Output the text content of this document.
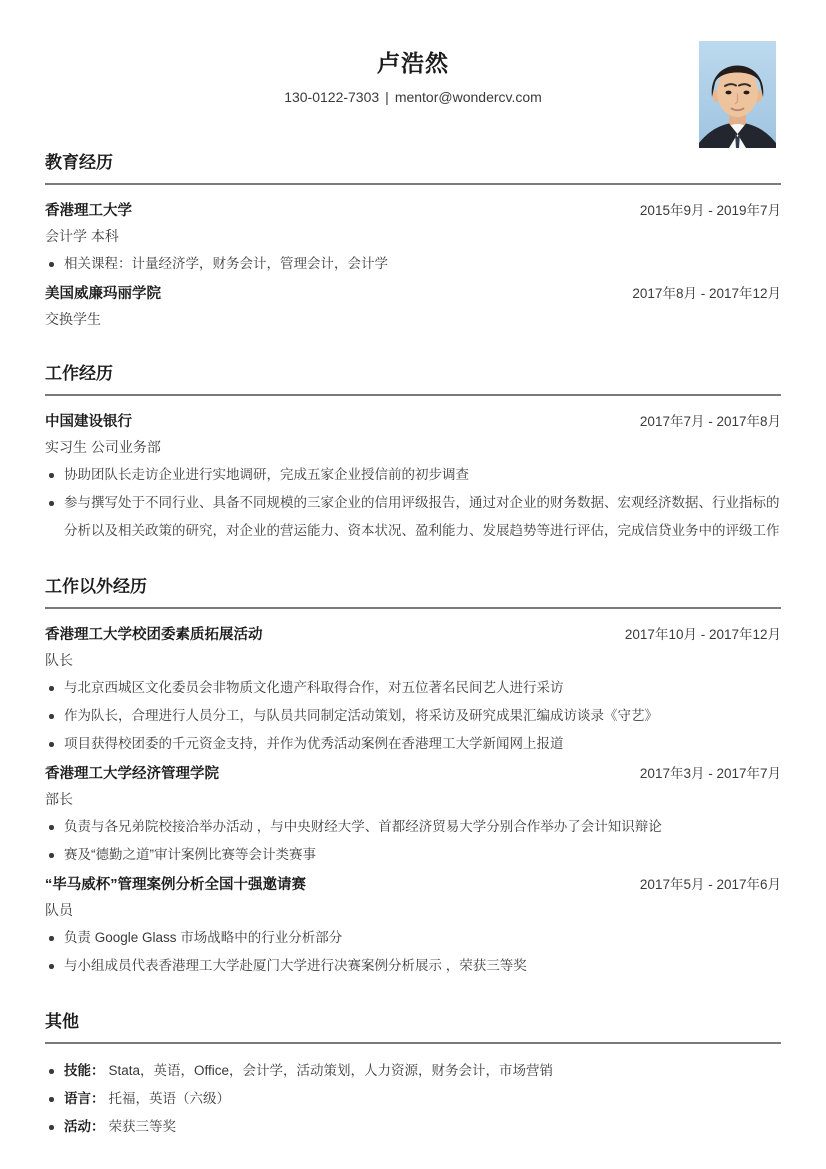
卢浩然
130-0122-7303 | mentor@wondercv.com
教育经历
香港理工大学	2015年9月 - 2019年7月
会计学 本科
相关课程：计量经济学，财务会计，管理会计，会计学
美国威廉玛丽学院	2017年8月 - 2017年12月
交换学生
工作经历
中国建设银行	2017年7月 - 2017年8月
实习生 公司业务部
协助团队长走访企业进行实地调研，完成五家企业授信前的初步调查
参与撰写处于不同行业、具备不同规模的三家企业的信用评级报告，通过对企业的财务数据、宏观经济数据、行业指标的分析以及相关政策的研究，对企业的营运能力、资本状况、盈利能力、发展趋势等进行评估，完成信贷业务中的评级工作
工作以外经历
香港理工大学校团委素质拓展活动	2017年10月 - 2017年12月
队长
与北京西城区文化委员会非物质文化遗产科取得合作，对五位著名民间艺人进行采访
作为队长，合理进行人员分工，与队员共同制定活动策划，将采访及研究成果汇编成访谈录《守艺》
项目获得校团委的千元资金支持，并作为优秀活动案例在香港理工大学新闻网上报道
香港理工大学经济管理学院	2017年3月 - 2017年7月
部长
负责与各兄弟院校接洽举办活动 ，与中央财经大学、首都经济贸易大学分别合作举办了会计知识辩论
赛及“德勤之道”审计案例比赛等会计类赛事
“毕马威杯”管理案例分析全国十强邀请赛	2017年5月 - 2017年6月
队员
负责 Google Glass 市场战略中的行业分析部分
与小组成员代表香港理工大学赴厦门大学进行决赛案例分析展示 ，荣获三等奖
其他
技能： Stata，英语，Office，会计学，活动策划，人力资源，财务会计，市场营销
语言： 托福，英语（六级）
活动： 荣获三等奖
